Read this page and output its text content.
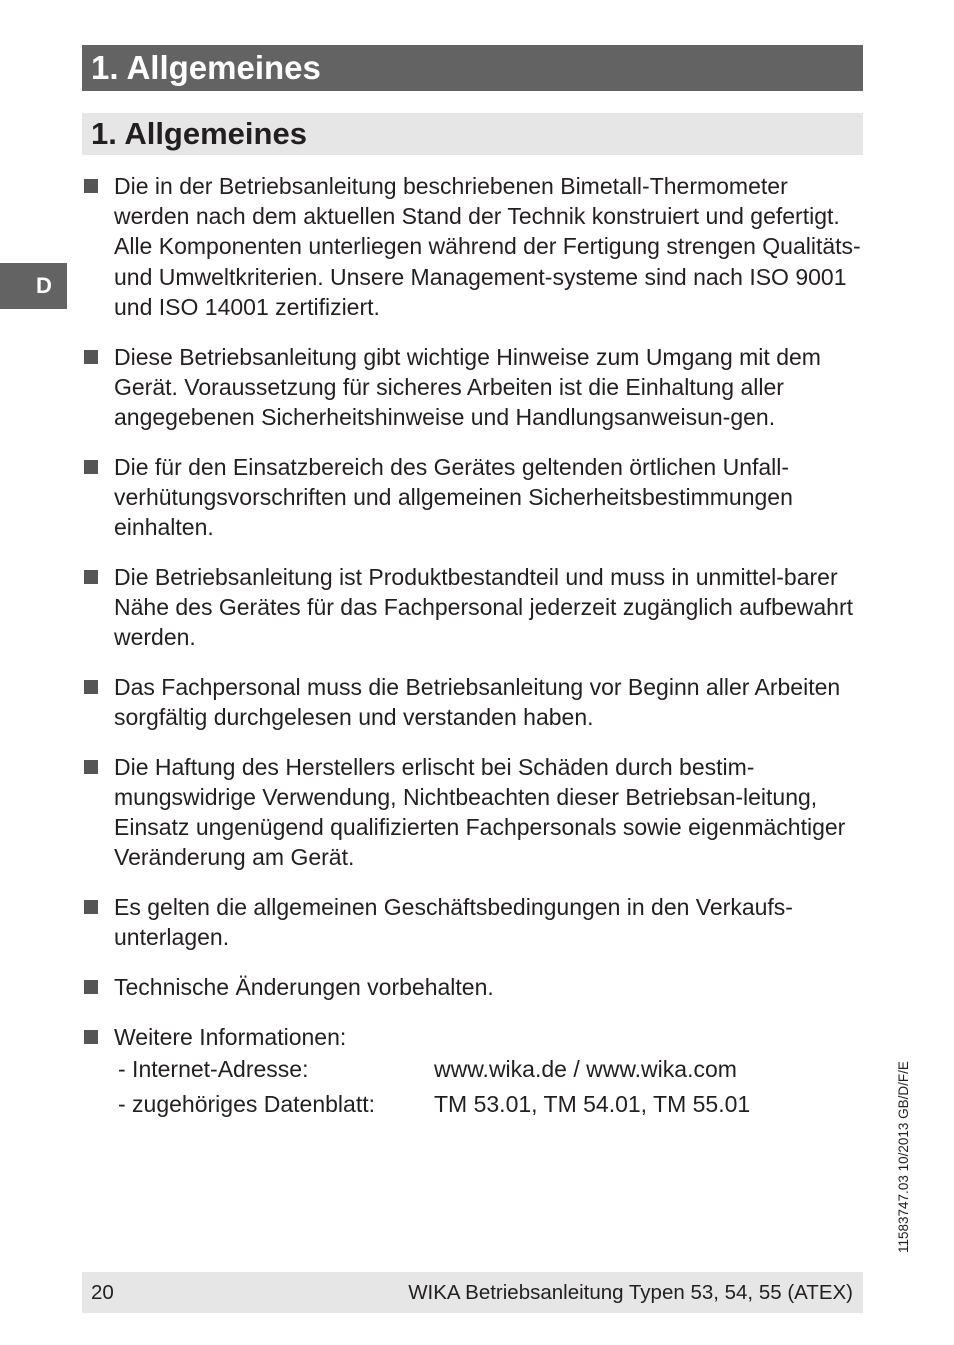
1. Allgemeines
1. Allgemeines
D
Die in der Betriebsanleitung beschriebenen Bimetall-Thermometer werden nach dem aktuellen Stand der Technik konstruiert und gefertigt. Alle Komponenten unterliegen während der Fertigung strengen Qualitäts- und Umweltkriterien. Unsere Management-systeme sind nach ISO 9001 und ISO 14001 zertifiziert.
Diese Betriebsanleitung gibt wichtige Hinweise zum Umgang mit dem Gerät. Voraussetzung für sicheres Arbeiten ist die Einhaltung aller angegebenen Sicherheitshinweise und Handlungsanweisun-gen.
Die für den Einsatzbereich des Gerätes geltenden örtlichen Unfall-verhütungsvorschriften und allgemeinen Sicherheitsbestimmungen einhalten.
Die Betriebsanleitung ist Produktbestandteil und muss in unmittel-barer Nähe des Gerätes für das Fachpersonal jederzeit zugänglich aufbewahrt werden.
Das Fachpersonal muss die Betriebsanleitung vor Beginn aller Arbeiten sorgfältig durchgelesen und verstanden haben.
Die Haftung des Herstellers erlischt bei Schäden durch bestim-mungswidrige Verwendung, Nichtbeachten dieser Betriebsan-leitung, Einsatz ungenügend qualifizierten Fachpersonals sowie eigenmächtiger Veränderung am Gerät.
Es gelten die allgemeinen Geschäftsbedingungen in den Verkaufs-unterlagen.
Technische Änderungen vorbehalten.
Weitere Informationen:
- Internet-Adresse:	www.wika.de / www.wika.com
- zugehöriges Datenblatt:	TM 53.01, TM 54.01, TM 55.01	11583747.03 10/2013 GB/D/F/E
20	WIKA Betriebsanleitung Typen 53, 54, 55 (ATEX)
